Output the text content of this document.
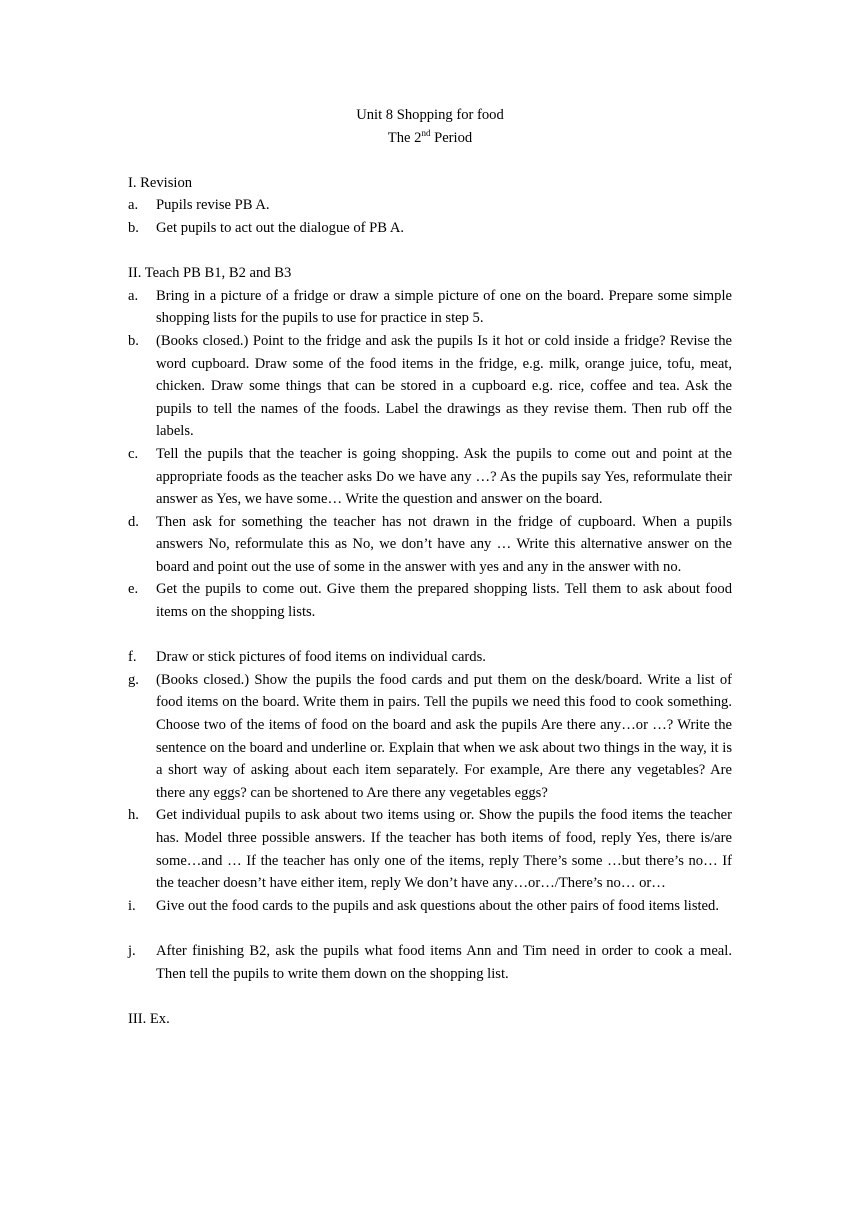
Unit 8 Shopping for food

The 2nd Period

I. Revision

a.	Pupils revise PB A.
b.	Get pupils to act out the dialogue of PB A.

II. Teach PB B1, B2 and B3

a.	Bring in a picture of a fridge or draw a simple picture of one on the board. Prepare some simple shopping lists for the pupils to use for practice in step 5.
b.	(Books closed.) Point to the fridge and ask the pupils Is it hot or cold inside a fridge? Revise the word cupboard. Draw some of the food items in the fridge, e.g. milk, orange juice, tofu, meat, chicken. Draw some things that can be stored in a cupboard e.g. rice, coffee and tea. Ask the pupils to tell the names of the foods. Label the drawings as they revise them. Then rub off the labels.
c.	Tell the pupils that the teacher is going shopping. Ask the pupils to come out and point at the appropriate foods as the teacher asks Do we have any …? As the pupils say Yes, reformulate their answer as Yes, we have some… Write the question and answer on the board.
d.	Then ask for something the teacher has not drawn in the fridge of cupboard. When a pupils answers No, reformulate this as No, we don’t have any … Write this alternative answer on the board and point out the use of some in the answer with yes and any in the answer with no.
e.	Get the pupils to come out. Give them the prepared shopping lists. Tell them to ask about food items on the shopping lists.
f.	Draw or stick pictures of food items on individual cards.
g.	(Books closed.) Show the pupils the food cards and put them on the desk/board. Write a list of food items on the board. Write them in pairs. Tell the pupils we need this food to cook something. Choose two of the items of food on the board and ask the pupils Are there any…or …? Write the sentence on the board and underline or. Explain that when we ask about two things in the way, it is a short way of asking about each item separately. For example, Are there any vegetables? Are there any eggs? can be shortened to Are there any vegetables eggs?
h.	Get individual pupils to ask about two items using or. Show the pupils the food items the teacher has. Model three possible answers. If the teacher has both items of food, reply Yes, there is/are some…and … If the teacher has only one of the items, reply There’s some …but there’s no… If the teacher doesn’t have either item, reply We don’t have any…or…/There’s no… or…
i.	Give out the food cards to the pupils and ask questions about the other pairs of food items listed.
j.	After finishing B2, ask the pupils what food items Ann and Tim need in order to cook a meal. Then tell the pupils to write them down on the shopping list.

III. Ex.
